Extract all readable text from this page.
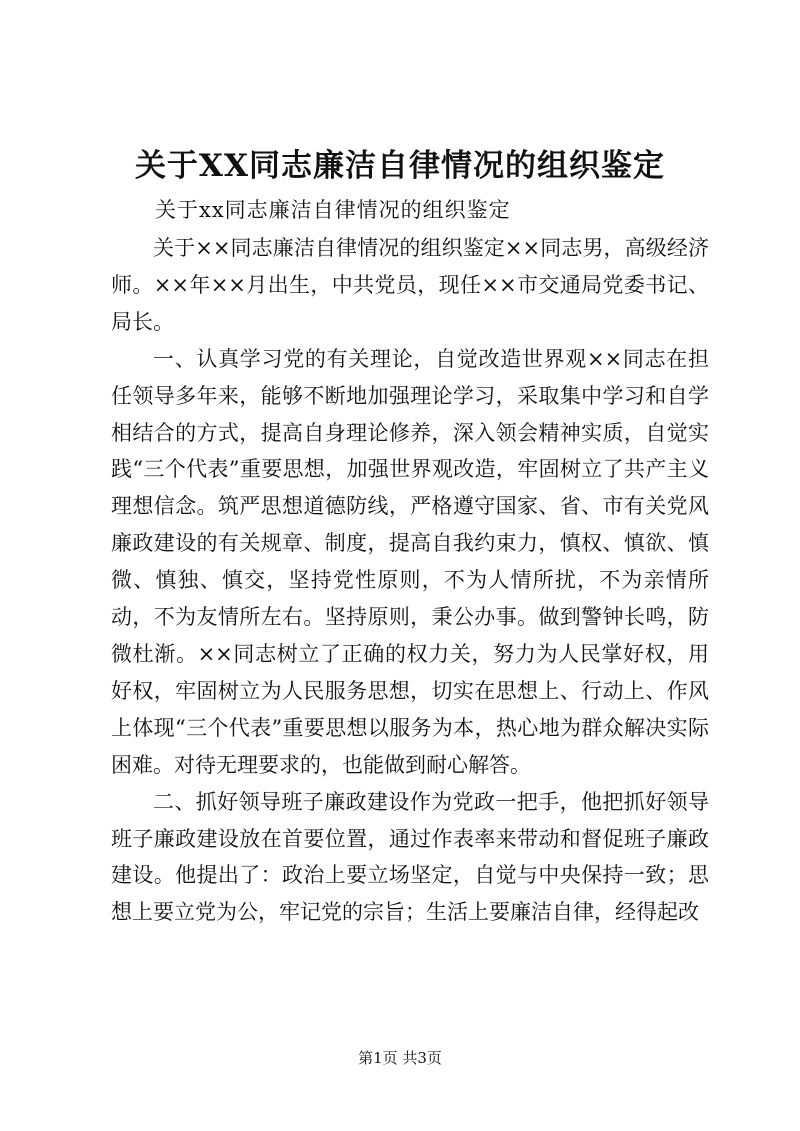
关于XX同志廉洁自律情况的组织鉴定
关于xx同志廉洁自律情况的组织鉴定

关于××同志廉洁自律情况的组织鉴定××同志男，高级经济师。××年××月出生，中共党员，现任××市交通局党委书记、局长。

一、认真学习党的有关理论，自觉改造世界观××同志在担任领导多年来，能够不断地加强理论学习，采取集中学习和自学相结合的方式，提高自身理论修养，深入领会精神实质，自觉实践“三个代表”重要思想，加强世界观改造，牢固树立了共产主义理想信念。筑严思想道德防线，严格遵守国家、省、市有关党风廉政建设的有关规章、制度，提高自我约束力，慎权、慎欲、慎微、慎独、慎交，坚持党性原则，不为人情所扰，不为亲情所动，不为友情所左右。坚持原则，秉公办事。做到警钟长鸣，防微杜渐。××同志树立了正确的权力关，努力为人民掌好权，用好权，牢固树立为人民服务思想，切实在思想上、行动上、作风上体现“三个代表”重要思想以服务为本，热心地为群众解决实际困难。对待无理要求的，也能做到耐心解答。

二、抓好领导班子廉政建设作为党政一把手，他把抓好领导班子廉政建设放在首要位置，通过作表率来带动和督促班子廉政建设。他提出了：政治上要立场坚定，自觉与中央保持一致；思想上要立党为公，牢记党的宗旨；生活上要廉洁自律，经得起改

第1页 共3页
